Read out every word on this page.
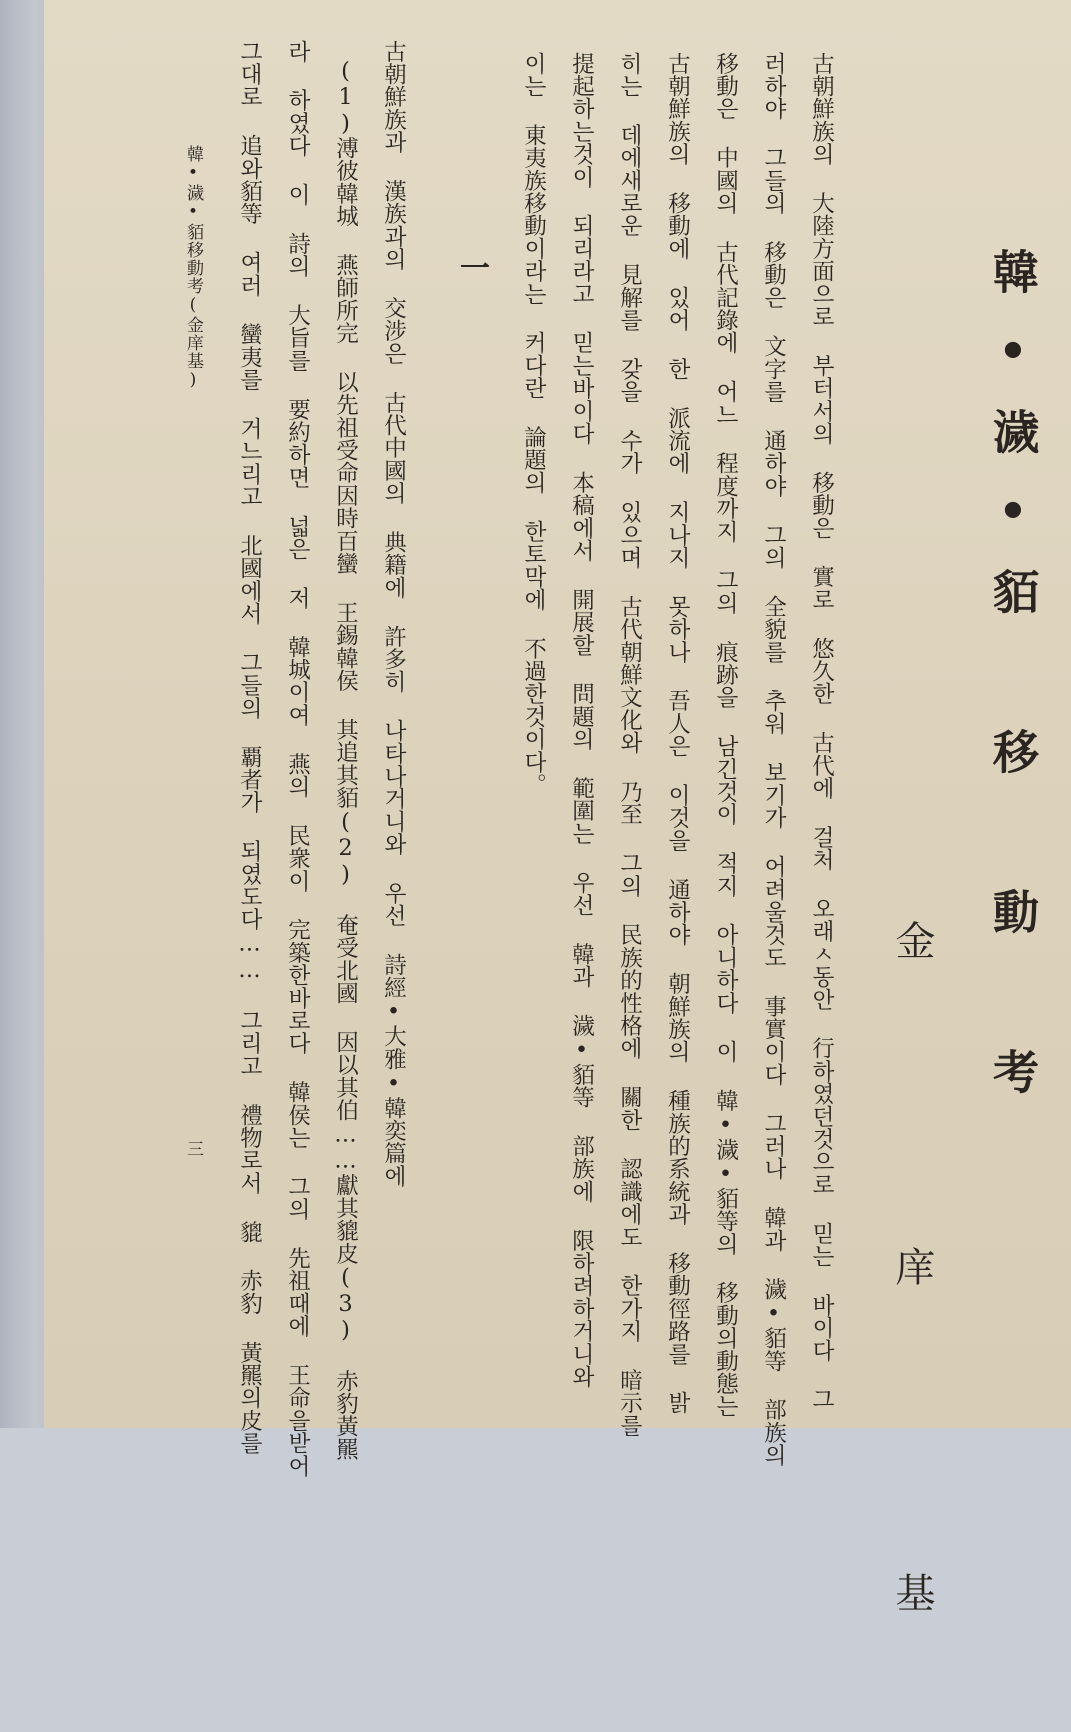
韓•濊•貊 移 動 考
金 庠 基
古朝鮮族의 大陸方面으로 부터서의 移動은 實로 悠久한 古代에 걸처 오래ㅅ동안 行하였던것으로 믿는 바이다 그
러하야 그들의 移動은 文字를 通하야 그의 全貌를 추워 보기가 어려울것도 事實이다 그러나 韓과 濊•貊等 部族의
移動은 中國의 古代記錄에 어느 程度까지 그의 痕跡을 남긴것이 적지 아니하다 이 韓•濊•貊等의 移動의動態는
古朝鮮族의 移動에 있어 한 派流에 지나지 못하나 吾人은 이것을 通하야 朝鮮族의 種族的系統과 移動徑路를 밝
히는 데에새로운 見解를 갖을 수가 있으며 古代朝鮮文化와 乃至 그의 民族的性格에 關한 認識에도 한가지 暗示를
提起하는것이 되리라고 믿는바이다 本稿에서 開展할 問題의 範圍는 우선 韓과 濊•貊等 部族에 限하려하거니와
이는 東夷族移動이라는 커다란 論題의 한토막에 不過한것이다。
一
古朝鮮族과 漢族과의 交涉은 古代中國의 典籍에 許多히 나타나거니와 우선 詩經•大雅•韓奕篇에
(1)溥彼韓城 燕師所完 以先祖受命因時百蠻 王錫韓侯 其追其貊(2) 奄受北國 因以其伯……獻其貔皮(3) 赤豹黃羆
라 하였다 이 詩의 大旨를 要約하면 넓은 저 韓城이여 燕의 民衆이 完築한바로다 韓侯는 그의 先祖때에 王命을받어
그대로 追와貊等 여러 蠻夷를 거느리고 北國에서 그들의 覇者가 되였도다…… 그리고 禮物로서 貔 赤豹 黃羆의皮를
韓•濊•貊移動考(金庠基)
三
